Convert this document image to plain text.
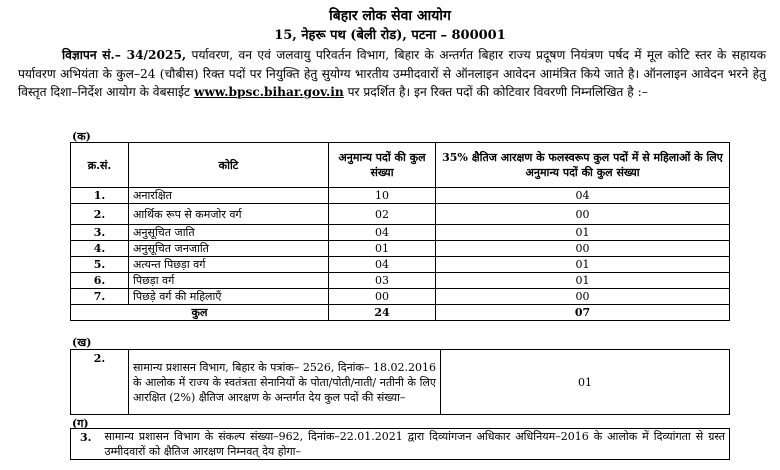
बिहार लोक सेवा आयोग
15, नेहरू पथ (बेली रोड), पटना – 800001
विज्ञापन सं.– 34/2025, पर्यावरण, वन एवं जलवायु परिवर्तन विभाग, बिहार के अन्तर्गत बिहार राज्य प्रदूषण नियंत्रण पर्षद में मूल कोटि स्तर के सहायक पर्यावरण अभियंता के कुल–24 (चौबीस) रिक्त पदों पर नियुक्ति हेतु सुयोग्य भारतीय उम्मीदवारों से ऑनलाइन आवेदन आमंत्रित किये जाते है। ऑनलाइन आवेदन भरने हेतु विस्तृत दिशा–निर्देश आयोग के वेबसाईट www.bpsc.bihar.gov.in पर प्रदर्शित है। इन रिक्त पदों की कोटिवार विवरणी निम्नलिखित है :–
(क)
क्र.सं.	कोटि	अनुमान्य पदों की कुल संख्या	35% क्षैतिज आरक्षण के फलस्वरूप कुल पदों में से महिलाओं के लिए अनुमान्य पदों की कुल संख्या
1.	अनारक्षित	10	04
2.	आर्थिक रूप से कमजोर वर्ग	02	00
3.	अनुसूचित जाति	04	01
4.	अनुसूचित जनजाति	01	00
5.	अत्यन्त पिछड़ा वर्ग	04	01
6.	पिछड़ा वर्ग	03	01
7.	पिछड़े वर्ग की महिलाएँ	00	00
कुल		24	07
(ख)
2.	सामान्य प्रशासन विभाग, बिहार के पत्रांक– 2526, दिनांक– 18.02.2016 के आलोक में राज्य के स्वतंत्रता सेनानियों के पोता/पोती/नाती/ नतीनी के लिए आरक्षित (2%) क्षैतिज आरक्षण के अन्तर्गत देय कुल पदों की संख्या–	01
(ग)
3.	सामान्य प्रशासन विभाग के संकल्प संख्या–962, दिनांक–22.01.2021 द्वारा दिव्यांगजन अधिकार अधिनियम–2016 के आलोक में दिव्यांगता से ग्रस्त उम्मीदवारों को क्षैतिज आरक्षण निम्नवत् देय होगा–
